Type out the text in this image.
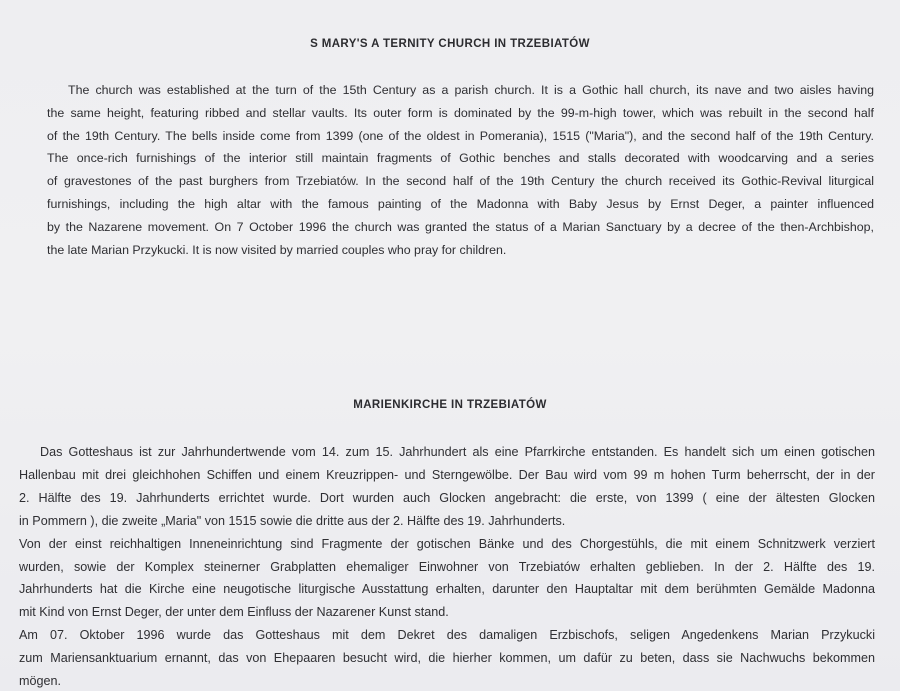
S MARY'S A TERNITY CHURCH IN TRZEBIATÓW
The church was established at the turn of the 15th Century as a parish church. It is a Gothic hall church, its nave and two aisles having
the same height, featuring ribbed and stellar vaults. Its outer form is dominated by the 99-m-high tower, which was rebuilt in the second half
of the 19th Century. The bells inside come from 1399 (one of the oldest in Pomerania), 1515 ("Maria"), and the second half of the 19th Century.
The once-rich furnishings of the interior still maintain fragments of Gothic benches and stalls decorated with woodcarving and a series
of gravestones of the past burghers from Trzebiatów. In the second half of the 19th Century the church received its Gothic-Revival liturgical
furnishings, including the high altar with the famous painting of the Madonna with Baby Jesus by Ernst Deger, a painter influenced
by the Nazarene movement. On 7 October 1996 the church was granted the status of a Marian Sanctuary by a decree of the then-Archbishop,
the late Marian Przykucki. It is now visited by married couples who pray for children.
MARIENKIRCHE IN TRZEBIATÓW
Das Gotteshaus ist zur Jahrhundertwende vom 14. zum 15. Jahrhundert als eine Pfarrkirche entstanden. Es handelt sich um einen gotischen
Hallenbau mit drei gleichhohen Schiffen und einem Kreuzrippen- und Sterngewölbe. Der Bau wird vom 99 m hohen Turm beherrscht, der in der
2. Hälfte des 19. Jahrhunderts errichtet wurde. Dort wurden auch Glocken angebracht: die erste, von 1399 ( eine der ältesten Glocken
in Pommern ), die zweite „Maria" von 1515 sowie die dritte aus der 2. Hälfte des 19. Jahrhunderts.
Von der einst reichhaltigen Inneneinrichtung sind Fragmente der gotischen Bänke und des Chorgestühls, die mit einem Schnitzwerk verziert
wurden, sowie der Komplex steinerner Grabplatten ehemaliger Einwohner von Trzebiatów erhalten geblieben. In der 2. Hälfte des 19.
Jahrhunderts hat die Kirche eine neugotische liturgische Ausstattung erhalten, darunter den Hauptaltar mit dem berühmten Gemälde Madonna
mit Kind von Ernst Deger, der unter dem Einfluss der Nazarener Kunst stand.
Am 07. Oktober 1996 wurde das Gotteshaus mit dem Dekret des damaligen Erzbischofs, seligen Angedenkens Marian Przykucki
zum Mariensanktuarium ernannt, das von Ehepaaren besucht wird, die hierher kommen, um dafür zu beten, dass sie Nachwuchs bekommen
mögen.
